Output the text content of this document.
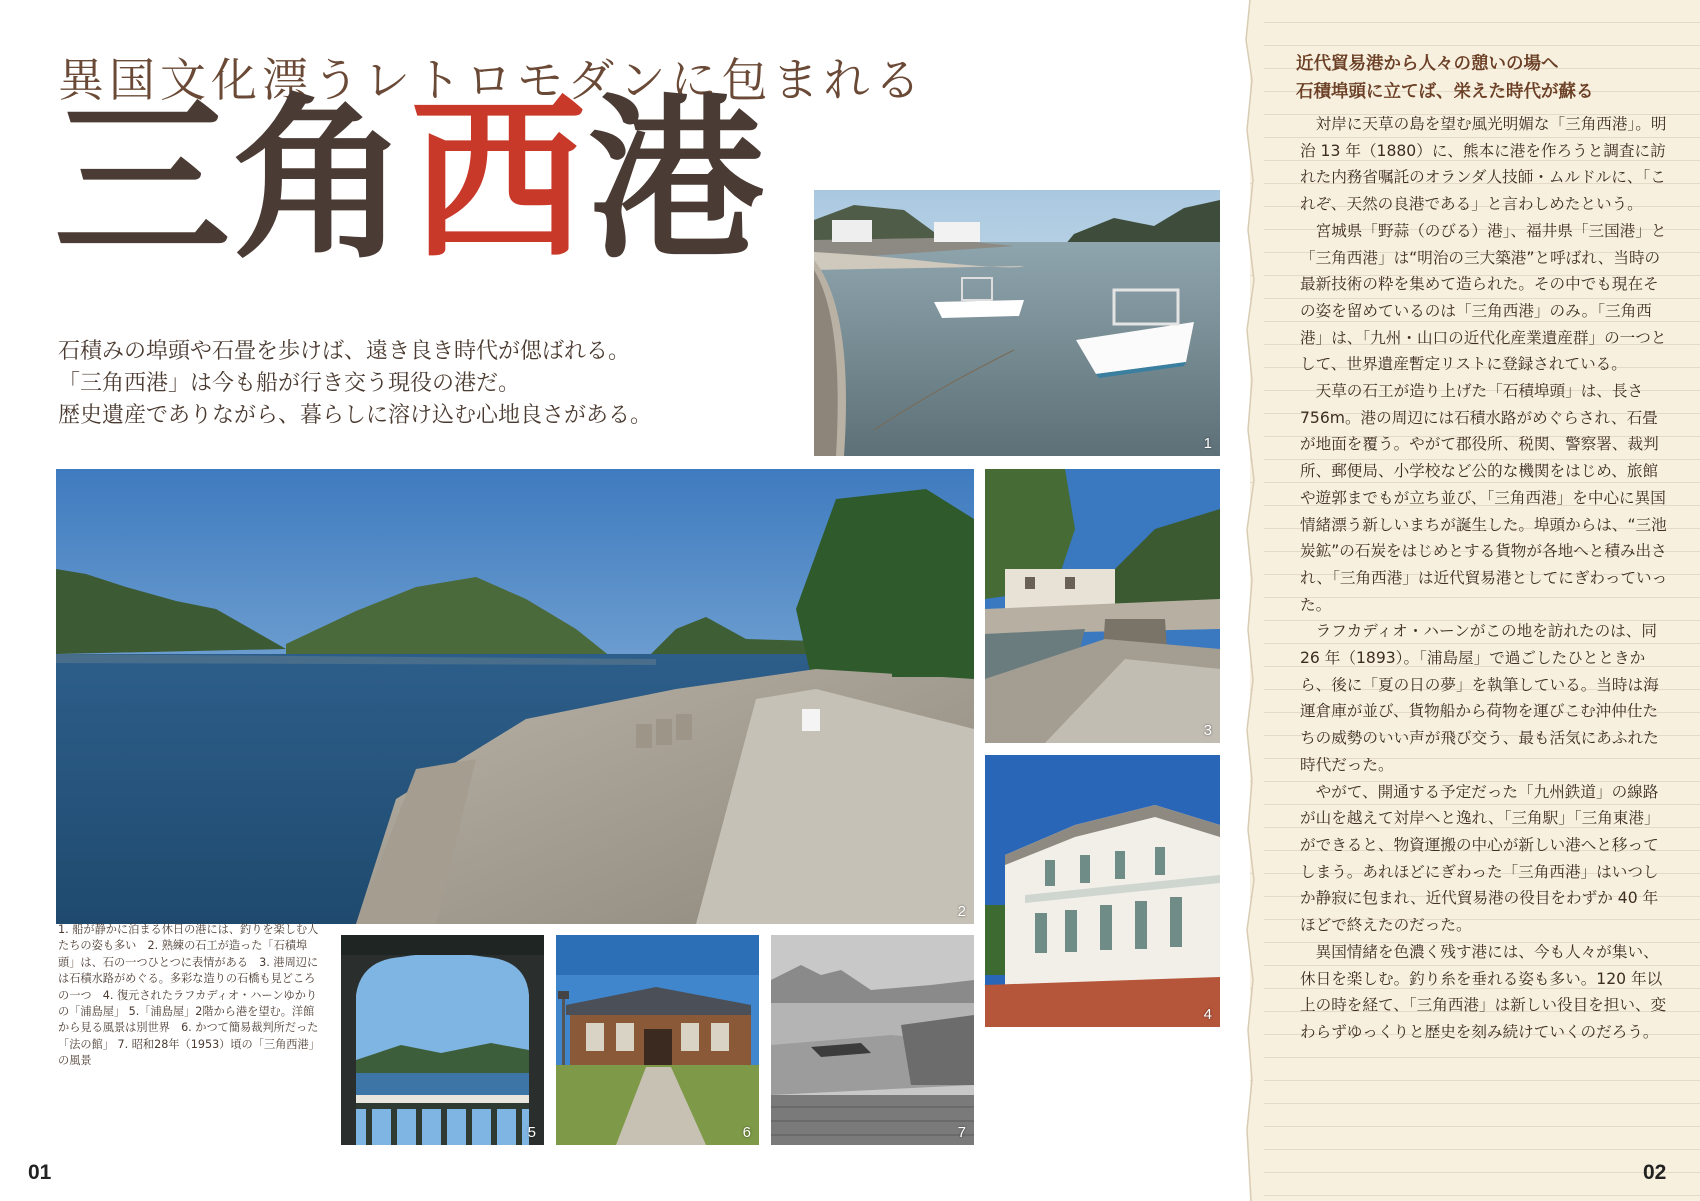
異国文化漂うレトロモダンに包まれる
三角西港

石積みの埠頭や石畳を歩けば、遠き良き時代が偲ばれる。

「三角西港」は今も船が行き交う現役の港だ。

歴史遺産でありながら、暮らしに溶け込む心地良さがある。

1
2
3
4
5	6	7

1. 船が静かに泊まる休日の港には、釣りを楽しむ人たちの姿も多い　2. 熟練の石工が造った「石積埠頭」は、石の一つひとつに表情がある　3. 港周辺には石積水路がめぐる。多彩な造りの石橋も見どころの一つ　4. 復元されたラフカディオ・ハーンゆかりの「浦島屋」 5.「浦島屋」2階から港を望む。洋館から見る風景は別世界　6. かつて簡易裁判所だった「法の館」 7. 昭和28年（1953）頃の「三角西港」の風景

01

近代貿易港から人々の憩いの場へ

石積埠頭に立てば、栄えた時代が蘇る

対岸に天草の島を望む風光明媚な「三角西港」。明治 13 年（1880）に、熊本に港を作ろうと調査に訪れた内務省嘱託のオランダ人技師・ムルドルに、「これぞ、天然の良港である」と言わしめたという。

宮城県「野蒜（のびる）港」、福井県「三国港」と「三角西港」は“明治の三大築港”と呼ばれ、当時の最新技術の粋を集めて造られた。その中でも現在その姿を留めているのは「三角西港」のみ。「三角西港」は、「九州・山口の近代化産業遺産群」の一つとして、世界遺産暫定リストに登録されている。

天草の石工が造り上げた「石積埠頭」は、長さ 756m。港の周辺には石積水路がめぐらされ、石畳が地面を覆う。やがて郡役所、税関、警察署、裁判所、郵便局、小学校など公的な機関をはじめ、旅館や遊郭までもが立ち並び、「三角西港」を中心に異国情緒漂う新しいまちが誕生した。埠頭からは、“三池炭鉱”の石炭をはじめとする貨物が各地へと積み出され、「三角西港」は近代貿易港としてにぎわっていった。

ラフカディオ・ハーンがこの地を訪れたのは、同 26 年（1893）。「浦島屋」で過ごしたひとときから、後に「夏の日の夢」を執筆している。当時は海運倉庫が並び、貨物船から荷物を運びこむ沖仲仕たちの威勢のいい声が飛び交う、最も活気にあふれた時代だった。

やがて、開通する予定だった「九州鉄道」の線路が山を越えて対岸へと逸れ、「三角駅」「三角東港」ができると、物資運搬の中心が新しい港へと移ってしまう。あれほどにぎわった「三角西港」はいつしか静寂に包まれ、近代貿易港の役目をわずか 40 年ほどで終えたのだった。

異国情緒を色濃く残す港には、今も人々が集い、休日を楽しむ。釣り糸を垂れる姿も多い。120 年以上の時を経て、「三角西港」は新しい役目を担い、変わらずゆっくりと歴史を刻み続けていくのだろう。

02
